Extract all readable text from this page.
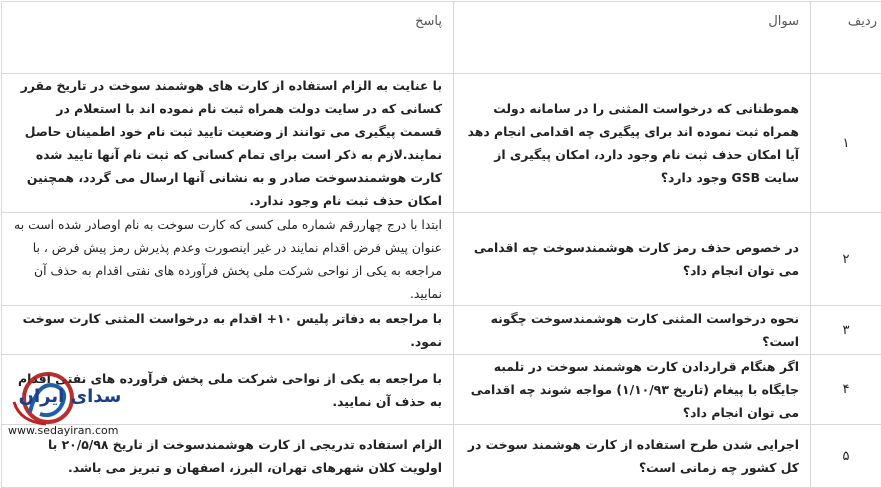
پاسخ	سوال	ردیف
با عنایت به الزام استفاده از کارت های هوشمند سوخت در تاریخ مقرر کسانی که در سایت دولت همراه ثبت نام نموده اند با استعلام در قسمت پیگیری می توانند از وضعیت تایید ثبت نام خود اطمینان حاصل نمایند.لازم به ذکر است برای تمام کسانی که ثبت نام آنها تایید شده کارت هوشمندسوخت صادر و به نشانی آنها ارسال می گردد، همچنین امکان حذف ثبت نام وجود ندارد.	هموطنانی که درخواست المثنی را در سامانه دولت همراه ثبت نموده اند برای پیگیری چه اقدامی انجام دهد آیا امکان حذف ثبت نام وجود دارد، امکان پیگیری از سایت GSB وجود دارد؟	۱
ابتدا با درج چهاررقم شماره ملی کسی که کارت سوخت به نام اوصادر شده است به عنوان پیش فرض اقدام نمایند در غیر اینصورت وعدم پذیرش رمز پیش فرض ، با مراجعه به یکی از نواحی شرکت ملی پخش فرآورده های نفتی اقدام به حذف آن نمایید.	در خصوص حذف رمز کارت هوشمندسوخت چه اقدامی می توان انجام داد؟	۲
با مراجعه به دفاتر پلیس ۱۰+ اقدام به درخواست المثنی کارت سوخت نمود.	نحوه درخواست المثنی کارت هوشمندسوخت چگونه است؟	۳
با مراجعه به یکی از نواحی شرکت ملی پخش فرآورده های نفتی اقدام به حذف آن نمایید.	اگر هنگام قراردادن کارت هوشمند سوخت در تلمبه جایگاه با پیغام (تاریخ ۱/۱۰/۹۳) مواجه شوند چه اقدامی می توان انجام داد؟	۴
الزام استفاده تدریجی از کارت هوشمندسوخت از تاریخ ۲۰/۵/۹۸ با اولویت کلان شهرهای تهران، البرز، اصفهان و تبریز می باشد.	اجرایی شدن طرح استفاده از کارت هوشمند سوخت در کل کشور چه زمانی است؟	۵
سدای ایران
www.sedayiran.com
